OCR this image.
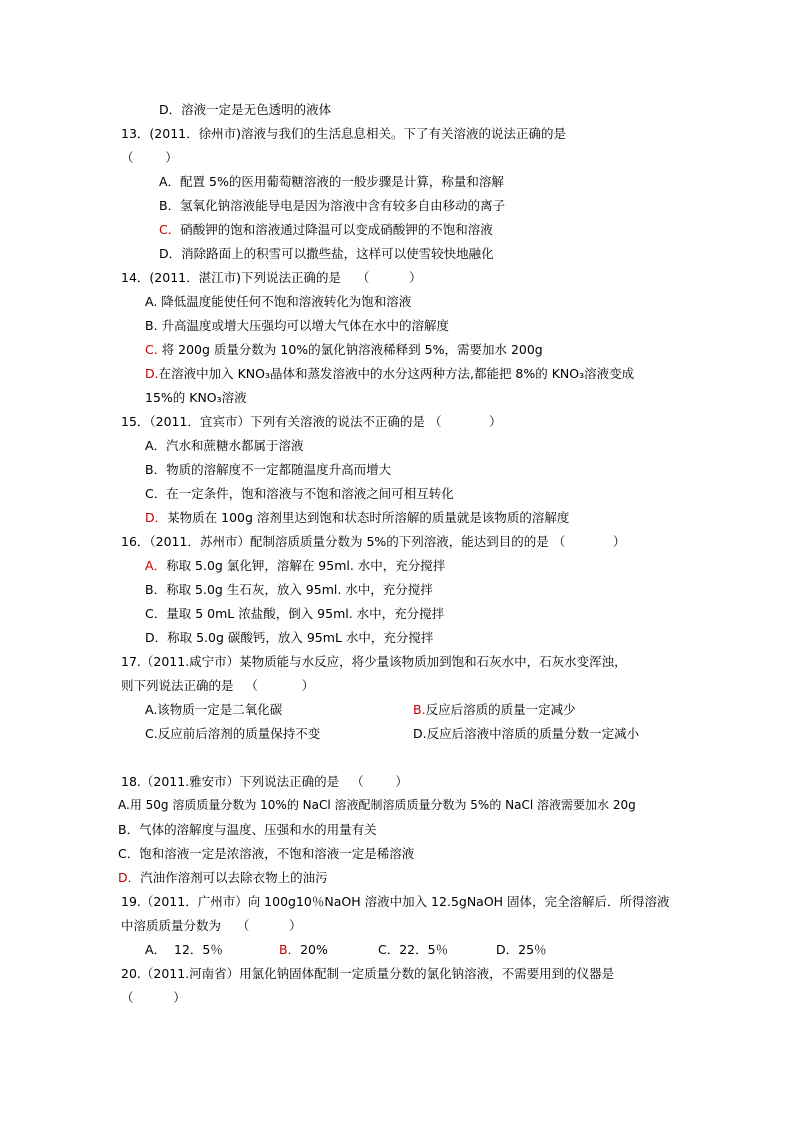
D．溶液一定是无色透明的液体
13．(2011．徐州市)溶液与我们的生活息息相关。下了有关溶液的说法正确的是
（        ）
A．配置 5%的医用葡萄糖溶液的一般步骤是计算，称量和溶解
B．氢氧化钠溶液能导电是因为溶液中含有较多自由移动的离子
C．硝酸钾的饱和溶液通过降温可以变成硝酸钾的不饱和溶液
D．消除路面上的积雪可以撒些盐，这样可以使雪较快地融化
14．(2011．湛江市)下列说法正确的是    （          ）
A. 降低温度能使任何不饱和溶液转化为饱和溶液
B. 升高温度或增大压强均可以增大气体在水中的溶解度
C. 将 200g 质量分数为 10%的氯化钠溶液稀释到 5%，需要加水 200g
D.在溶液中加入 KNO₃晶体和蒸发溶液中的水分这两种方法,都能把 8%的 KNO₃溶液变成
15%的 KNO₃溶液
15．（2011．宜宾市）下列有关溶液的说法不正确的是 （            ）
A．汽水和蔗糖水都属于溶液
B．物质的溶解度不一定都随温度升高而增大
C．在一定条件，饱和溶液与不饱和溶液之间可相互转化
D．某物质在 100g 溶剂里达到饱和状态时所溶解的质量就是该物质的溶解度
16．（2011．苏州市）配制溶质质量分数为 5%的下列溶液，能达到目的的是 （            ）
A．称取 5.0g 氯化钾，溶解在 95ml. 水中，充分搅拌
B．称取 5.0g 生石灰，放入 95ml. 水中，充分搅拌
C．量取 5 0mL 浓盐酸，倒入 95ml. 水中，充分搅拌
D．称取 5.0g 碳酸钙，放入 95mL 水中，充分搅拌
17.（2011.咸宁市）某物质能与水反应，将少量该物质加到饱和石灰水中，石灰水变浑浊，
则下列说法正确的是   （           ）
A.该物质一定是二氧化碳	B.反应后溶质的质量一定减少
C.反应前后溶剂的质量保持不变	D.反应后溶液中溶质的质量分数一定减小
18.（2011.雅安市）下列说法正确的是   （        ）
A.用 50g 溶质质量分数为 10%的 NaCl 溶液配制溶质质量分数为 5%的 NaCl 溶液需要加水 20g
B．气体的溶解度与温度、压强和水的用量有关
C．饱和溶液一定是浓溶液，不饱和溶液一定是稀溶液
D．汽油作溶剂可以去除衣物上的油污
19.（2011．广州市）向 100g10％NaOH 溶液中加入 12.5gNaOH 固体，完全溶解后．所得溶液
中溶质质量分数为    （          ）
A．  12．5％	B．20%	C．22．5％	D．25％
20.（2011.河南省）用氯化钠固体配制一定质量分数的氯化钠溶液，不需要用到的仪器是
（          ）
